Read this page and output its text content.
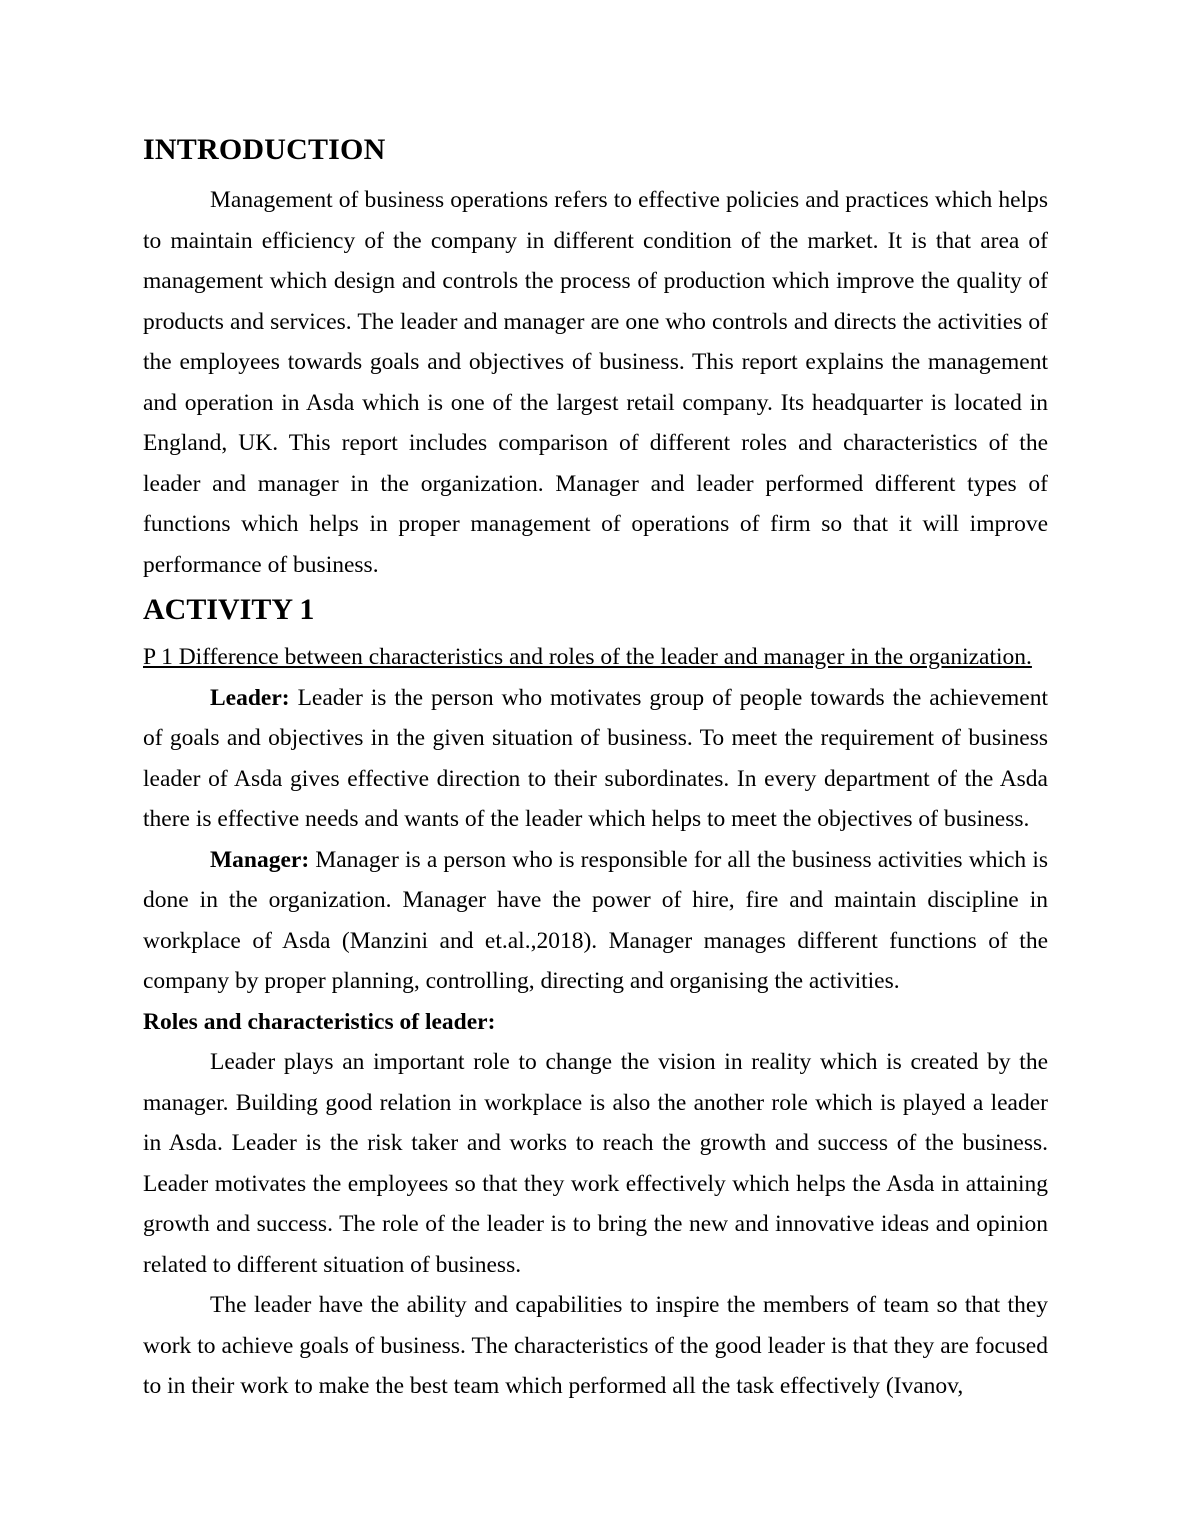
INTRODUCTION

Management of business operations refers to effective policies and practices which helps to maintain efficiency of the company in different condition of the market. It is that area of management which design and controls the process of production which improve the quality of products and services. The leader and manager are one who controls and directs the activities of the employees towards goals and objectives of business. This report explains the management and operation in Asda which is one of the largest retail company. Its headquarter is located in England, UK. This report includes comparison of different roles and characteristics of the leader and manager in the organization. Manager and leader performed different types of functions which helps in proper management of operations of firm so that it will improve performance of business.

ACTIVITY 1

P 1 Difference between characteristics and roles of the leader and manager in the organization.

Leader: Leader is the person who motivates group of people towards the achievement of goals and objectives in the given situation of business. To meet the requirement of business leader of Asda gives effective direction to their subordinates. In every department of the Asda there is effective needs and wants of the leader which helps to meet the objectives of business.

Manager: Manager is a person who is responsible for all the business activities which is done in the organization. Manager have the power of hire, fire and maintain discipline in workplace of Asda (Manzini and et.al.,2018). Manager manages different functions of the company by proper planning, controlling, directing and organising the activities.

Roles and characteristics of leader:

Leader plays an important role to change the vision in reality which is created by the manager. Building good relation in workplace is also the another role which is played a leader in Asda. Leader is the risk taker and works to reach the growth and success of the business. Leader motivates the employees so that they work effectively which helps the Asda in attaining growth and success. The role of the leader is to bring the new and innovative ideas and opinion related to different situation of business.

The leader have the ability and capabilities to inspire the members of team so that they work to achieve goals of business. The characteristics of the good leader is that they are focused to in their work to make the best team which performed all the task effectively (Ivanov,
